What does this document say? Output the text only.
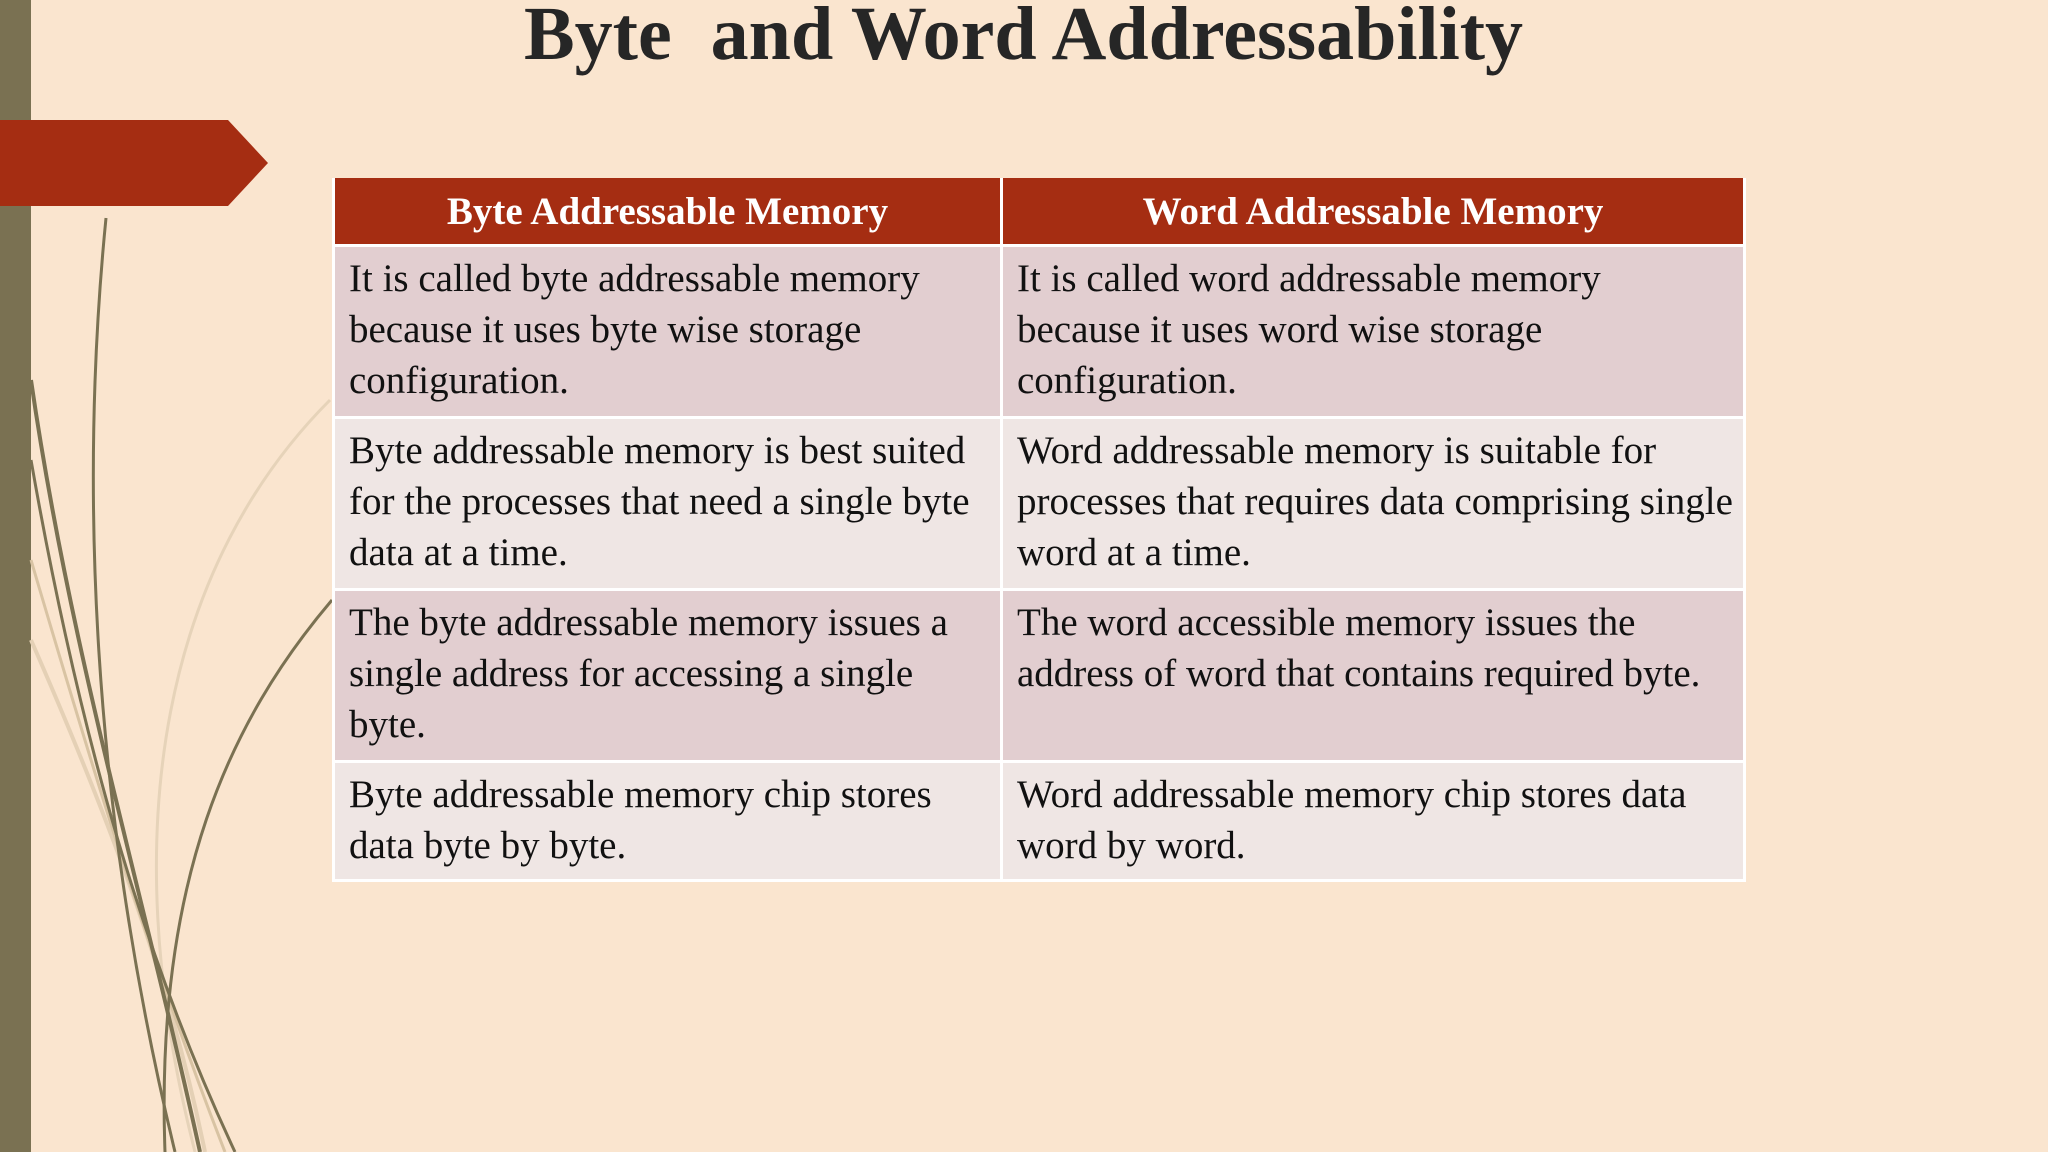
Byte and Word Addressability
Byte Addressable Memory	Word Addressable Memory
It is called byte addressable memory because it uses byte wise storage configuration.	It is called word addressable memory because it uses word wise storage configuration.
Byte addressable memory is best suited for the processes that need a single byte data at a time.	Word addressable memory is suitable for processes that requires data comprising single word at a time.
The byte addressable memory issues a single address for accessing a single byte.	The word accessible memory issues the address of word that contains required byte.
Byte addressable memory chip stores data byte by byte.	Word addressable memory chip stores data word by word.
